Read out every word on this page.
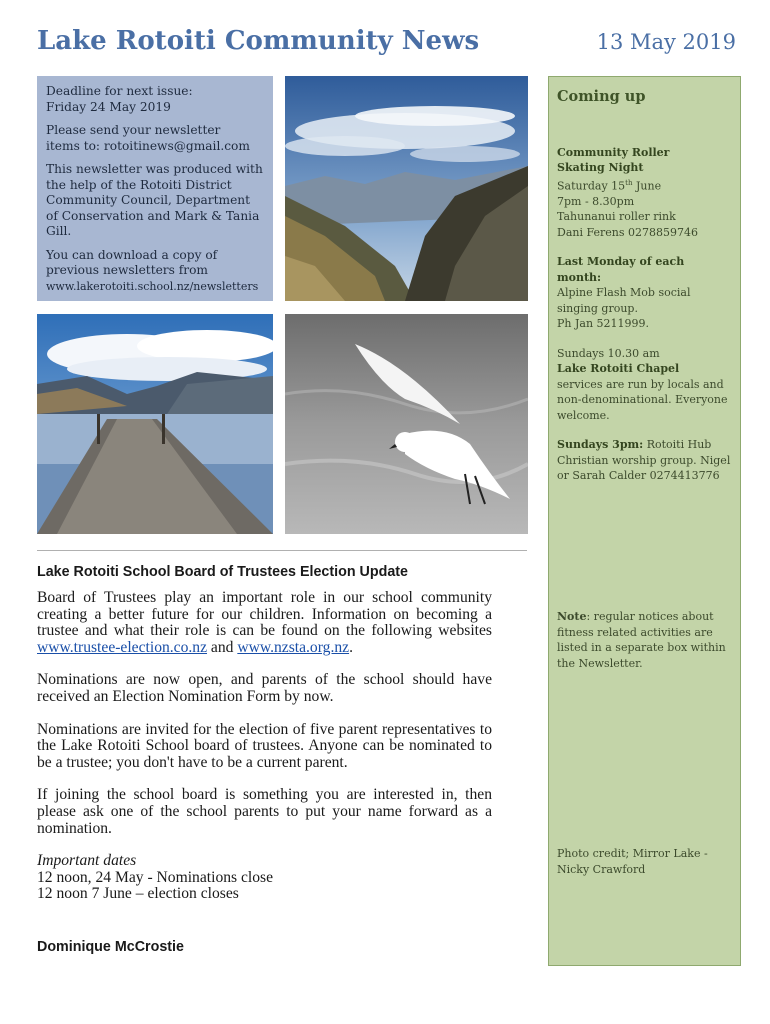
Lake Rotoiti Community News	13 May 2019

Deadline for next issue:
Friday 24 May 2019

Please send your newsletter
items to: rotoitinews@gmail.com

This newsletter was produced with the help of the Rotoiti District Community Council, Department of Conservation and Mark & Tania Gill.

You can download a copy of
previous newsletters from
www.lakerotoiti.school.nz/newsletters

Lake Rotoiti School Board of Trustees Election Update

Board of Trustees play an important role in our school community creating a better future for our children. Information on becoming a trustee and what their role is can be found on the following websites www.trustee-election.co.nz and www.nzsta.org.nz.

Nominations are now open, and parents of the school should have received an Election Nomination Form by now.

Nominations are invited for the election of five parent representatives to the Lake Rotoiti School board of trustees. Anyone can be nominated to be a trustee; you don't have to be a current parent.

If joining the school board is something you are interested in, then please ask one of the school parents to put your name forward as a nomination.

Important dates
12 noon, 24 May - Nominations close
12 noon 7 June – election closes
Dominique McCrostie
Coming up
Community Roller
Skating Night
Saturday 15th June
7pm - 8.30pm
Tahunanui roller rink
Dani Ferens 0278859746
Last Monday of each month:
Alpine Flash Mob social singing group.
Ph Jan 5211999.
Sundays 10.30 am
Lake Rotoiti Chapel
services are run by locals and non-denominational. Everyone welcome.
Sundays 3pm: Rotoiti Hub Christian worship group. Nigel or Sarah Calder 0274413776
Note: regular notices about fitness related activities are listed in a separate box within the Newsletter.
Photo credit; Mirror Lake - Nicky Crawford
